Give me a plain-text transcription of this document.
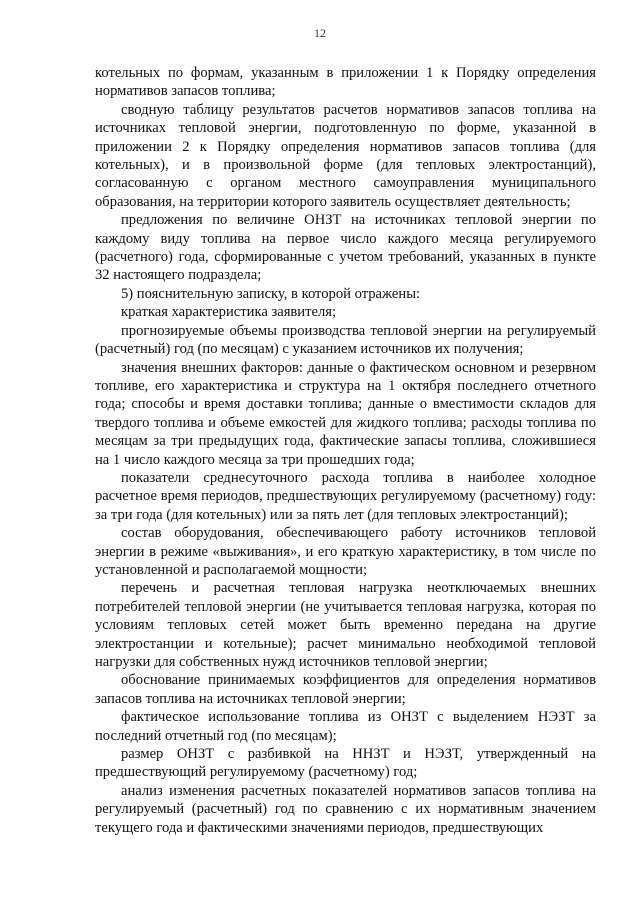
12

котельных по формам, указанным в приложении 1 к Порядку определения нормативов запасов топлива;

сводную таблицу результатов расчетов нормативов запасов топлива на источниках тепловой энергии, подготовленную по форме, указанной в приложении 2 к Порядку определения нормативов запасов топлива (для котельных), и в произвольной форме (для тепловых электростанций), согласованную с органом местного самоуправления муниципального образования, на территории которого заявитель осуществляет деятельность;

предложения по величине ОНЗТ на источниках тепловой энергии по каждому виду топлива на первое число каждого месяца регулируемого (расчетного) года, сформированные с учетом требований, указанных в пункте 32 настоящего подраздела;

5) пояснительную записку, в которой отражены:

краткая характеристика заявителя;

прогнозируемые объемы производства тепловой энергии на регулируемый (расчетный) год (по месяцам) с указанием источников их получения;

значения внешних факторов: данные о фактическом основном и резервном топливе, его характеристика и структура на 1 октября последнего отчетного года; способы и время доставки топлива; данные о вместимости складов для твердого топлива и объеме емкостей для жидкого топлива; расходы топлива по месяцам за три предыдущих года, фактические запасы топлива, сложившиеся на 1 число каждого месяца за три прошедших года;

показатели среднесуточного расхода топлива в наиболее холодное расчетное время периодов, предшествующих регулируемому (расчетному) году: за три года (для котельных) или за пять лет (для тепловых электростанций);

состав оборудования, обеспечивающего работу источников тепловой энергии в режиме «выживания», и его краткую характеристику, в том числе по установленной и располагаемой мощности;

перечень и расчетная тепловая нагрузка неотключаемых внешних потребителей тепловой энергии (не учитывается тепловая нагрузка, которая по условиям тепловых сетей может быть временно передана на другие электростанции и котельные); расчет минимально необходимой тепловой нагрузки для собственных нужд источников тепловой энергии;

обоснование принимаемых коэффициентов для определения нормативов запасов топлива на источниках тепловой энергии;

фактическое использование топлива из ОНЗТ с выделением НЭЗТ за последний отчетный год (по месяцам);

размер ОНЗТ с разбивкой на ННЗТ и НЭЗТ, утвержденный на предшествующий регулируемому (расчетному) год;

анализ изменения расчетных показателей нормативов запасов топлива на регулируемый (расчетный) год по сравнению с их нормативным значением текущего года и фактическими значениями периодов, предшествующих
